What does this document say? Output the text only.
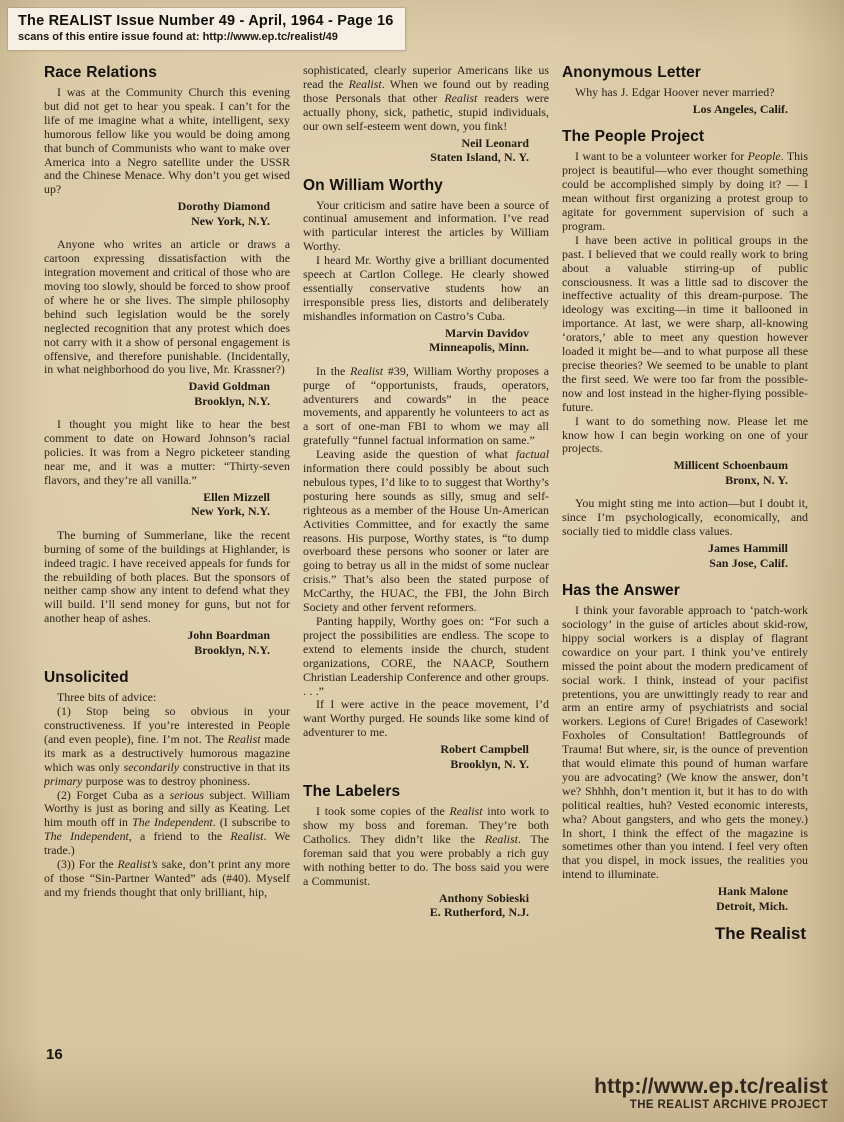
The REALIST Issue Number 49 - April, 1964 - Page 16
scans of this entire issue found at: http://www.ep.tc/realist/49
Race Relations

I was at the Community Church this evening but did not get to hear you speak. I can’t for the life of me imagine what a white, intelligent, sexy humorous fellow like you would be doing among that bunch of Communists who want to make over America into a Negro satellite under the USSR and the Chinese Menace. Why don’t you get wised up?

Dorothy Diamond
New York, N.Y.

Anyone who writes an article or draws a cartoon expressing dissatisfaction with the integration movement and critical of those who are moving too slowly, should be forced to show proof of where he or she lives. The simple philosophy behind such legislation would be the sorely neglected recognition that any protest which does not carry with it a show of personal engagement is offensive, and therefore punishable. (Incidentally, in what neighborhood do you live, Mr. Krassner?)

David Goldman
Brooklyn, N.Y.

I thought you might like to hear the best comment to date on Howard Johnson’s racial policies. It was from a Negro picketeer standing near me, and it was a mutter: “Thirty-seven flavors, and they’re all vanilla.”

Ellen Mizzell
New York, N.Y.

The burning of Summerlane, like the recent burning of some of the buildings at Highlander, is indeed tragic. I have received appeals for funds for the rebuilding of both places. But the sponsors of neither camp show any intent to defend what they will build. I’ll send money for guns, but not for another heap of ashes.

John Boardman
Brooklyn, N.Y.
Unsolicited

Three bits of advice:

(1) Stop being so obvious in your constructiveness. If you’re interested in People (and even people), fine. I’m not. The Realist made its mark as a destructively humorous magazine which was only secondarily constructive in that its primary purpose was to destroy phoniness.

(2) Forget Cuba as a serious subject. William Worthy is just as boring and silly as Keating. Let him mouth off in The Independent. (I subscribe to The Independent, a friend to the Realist. We trade.)

(3)) For the Realist’s sake, don’t print any more of those “Sin-Partner Wanted” ads (#40). Myself and my friends thought that only brilliant, hip,

sophisticated, clearly superior Americans like us read the Realist. When we found out by reading those Personals that other Realist readers were actually phony, sick, pathetic, stupid individuals, our own self-esteem went down, you fink!

Neil Leonard
Staten Island, N. Y.
On William Worthy

Your criticism and satire have been a source of continual amusement and information. I’ve read with particular interest the articles by William Worthy.

I heard Mr. Worthy give a brilliant documented speech at Cartlon College. He clearly showed essentially conservative students how an irresponsible press lies, distorts and deliberately mishandles information on Castro’s Cuba.

Marvin Davidov
Minneapolis, Minn.

In the Realist #39, William Worthy proposes a purge of “opportunists, frauds, operators, adventurers and cowards” in the peace movements, and apparently he volunteers to act as a sort of one-man FBI to whom we may all gratefully “funnel factual information on same.”

Leaving aside the question of what factual information there could possibly be about such nebulous types, I’d like to to suggest that Worthy’s posturing here sounds as silly, smug and self-righteous as a member of the House Un-American Activities Committee, and for exactly the same reasons. His purpose, Worthy states, is “to dump overboard these persons who sooner or later are going to betray us all in the midst of some nuclear crisis.” That’s also been the stated purpose of McCarthy, the HUAC, the FBI, the John Birch Society and other fervent reformers.

Panting happily, Worthy goes on: “For such a project the possibilities are endless. The scope to extend to elements inside the church, student organizations, CORE, the NAACP, Southern Christian Leadership Conference and other groups. . . .”

If I were active in the peace movement, I’d want Worthy purged. He sounds like some kind of adventurer to me.

Robert Campbell
Brooklyn, N. Y.
The Labelers

I took some copies of the Realist into work to show my boss and foreman. They’re both Catholics. They didn’t like the Realist. The foreman said that you were probably a rich guy with nothing better to do. The boss said you were a Communist.

Anthony Sobieski
E. Rutherford, N.J.
Anonymous Letter

Why has J. Edgar Hoover never married?

Los Angeles, Calif.
The People Project

I want to be a volunteer worker for People. This project is beautiful—who ever thought something could be accomplished simply by doing it? — I mean without first organizing a protest group to agitate for government supervision of such a program.

I have been active in political groups in the past. I believed that we could really work to bring about a valuable stirring-up of public consciousness. It was a little sad to discover the ineffective actuality of this dream-purpose. The ideology was exciting—in time it ballooned in importance. At last, we were sharp, all-knowing ‘orators,’ able to meet any question however loaded it might be—and to what purpose all these precise theories? We seemed to be unable to plant the first seed. We were too far from the possible-now and lost instead in the higher-flying possible-future.

I want to do something now. Please let me know how I can begin working on one of your projects.

Millicent Schoenbaum
Bronx, N. Y.

You might sting me into action—but I doubt it, since I’m psychologically, economically, and socially tied to middle class values.

James Hammill
San Jose, Calif.
Has the Answer

I think your favorable approach to ‘patch-work sociology’ in the guise of articles about skid-row, hippy social workers is a display of flagrant cowardice on your part. I think you’ve entirely missed the point about the modern predicament of social work. I think, instead of your pacifist pretentions, you are unwittingly ready to rear and arm an entire army of psychiatrists and social workers. Legions of Cure! Brigades of Casework! Foxholes of Consultation! Battlegrounds of Trauma! But where, sir, is the ounce of prevention that would elimate this pound of human warfare you are advocating? (We know the answer, don’t we? Shhhh, don’t mention it, but it has to do with political realties, huh? Vested economic interests, wha? About gangsters, and who gets the money.) In short, I think the effect of the magazine is sometimes other than you intend. I feel very often that you dispel, in mock issues, the realities you intend to illuminate.

Hank Malone
Detroit, Mich.
The Realist
16
http://www.ep.tc/realist
THE REALIST ARCHIVE PROJECT
